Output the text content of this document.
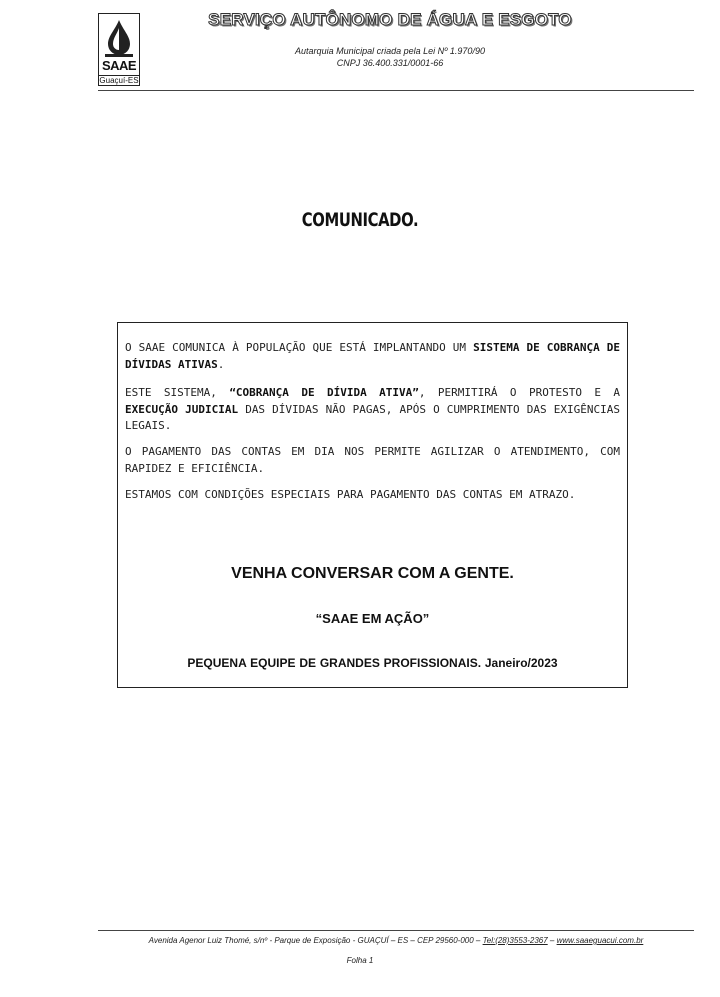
SAAE
Guaçuí-ES
SERVIÇO AUTÔNOMO DE ÁGUA E ESGOTO
Autarquia Municipal criada pela Lei Nº 1.970/90
CNPJ 36.400.331/0001-66
COMUNICADO.

O SAAE COMUNICA À POPULAÇÃO QUE ESTÁ IMPLANTANDO UM SISTEMA DE COBRANÇA DE DÍVIDAS ATIVAS.

ESTE SISTEMA, “COBRANÇA DE DÍVIDA ATIVA”, PERMITIRÁ O PROTESTO E A EXECUÇÃO JUDICIAL DAS DÍVIDAS NÃO PAGAS, APÓS O CUMPRIMENTO DAS EXIGÊNCIAS LEGAIS.

O PAGAMENTO DAS CONTAS EM DIA NOS PERMITE AGILIZAR O ATENDIMENTO, COM RAPIDEZ E EFICIÊNCIA.

ESTAMOS COM CONDIÇÕES ESPECIAIS PARA PAGAMENTO DAS CONTAS EM ATRAZO.

VENHA CONVERSAR COM A GENTE.
“SAAE EM AÇÃO”
PEQUENA EQUIPE DE GRANDES PROFISSIONAIS. Janeiro/2023
Avenida Agenor Luiz Thomé, s/nº - Parque de Exposição - GUAÇUÍ – ES – CEP 29560-000 – Tel:(28)3553-2367 – www.saaeguacui.com.br
Folha 1
